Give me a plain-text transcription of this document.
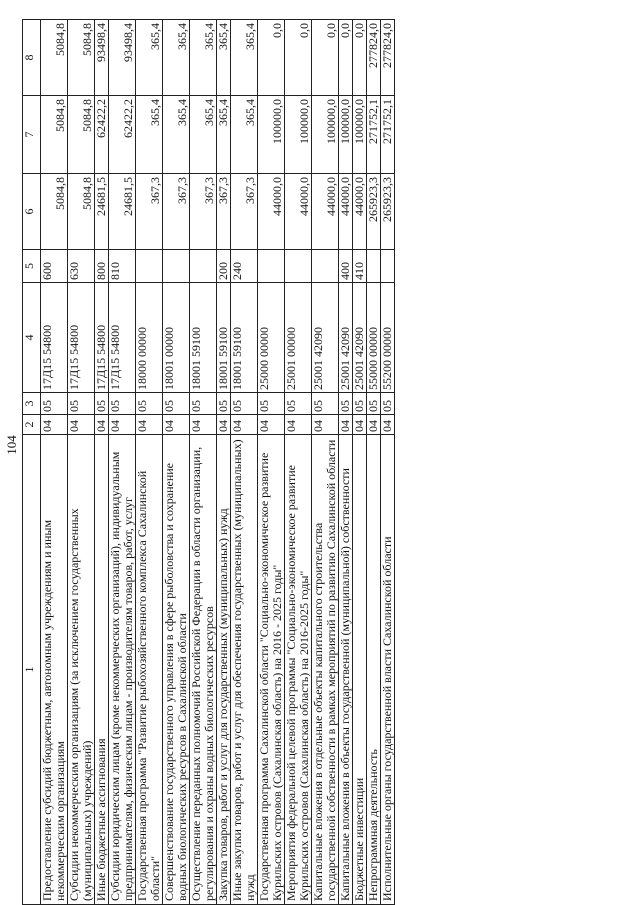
104
1	2	3	4	5	6	7	8
Предоставление субсидий бюджетным, автономным учреждениям и иным некоммерческим организациям	04	05	17Д15 54800	600	5084,8	5084,8	5084,8
Субсидии некоммерческим организациям (за исключением государственных (муниципальных) учреждений)	04	05	17Д15 54800	630	5084,8	5084,8	5084,8
Иные бюджетные ассигнования	04	05	17Д15 54800	800	24681,5	62422,2	93498,4
Субсидии юридическим лицам (кроме некоммерческих организаций), индивидуальным предпринимателям, физическим лицам - производителям товаров, работ, услуг	04	05	17Д15 54800	810	24681,5	62422,2	93498,4
Государственная программа "Развитие рыбохозяйственного комплекса Сахалинской области"	04	05	18000 00000		367,3	365,4	365,4
Совершенствование государственного управления в сфере рыболовства и сохранение водных биологических ресурсов в Сахалинской области	04	05	18001 00000		367,3	365,4	365,4
Осуществление переданных полномочий Российской Федерации в области организации, регулирования и охраны водных биологических ресурсов	04	05	18001 59100		367,3	365,4	365,4
Закупка товаров, работ и услуг для государственных (муниципальных) нужд	04	05	18001 59100	200	367,3	365,4	365,4
Иные закупки товаров, работ и услуг для обеспечения государственных (муниципальных) нужд	04	05	18001 59100	240	367,3	365,4	365,4
Государственная программа Сахалинской области "Социально-экономическое развитие Курильских островов (Сахалинская область) на 2016 - 2025 годы"	04	05	25000 00000		44000,0	100000,0	0,0
Мероприятия федеральной целевой программы "Социально-экономическое развитие Курильских островов (Сахалинская область) на 2016-2025 годы"	04	05	25001 00000		44000,0	100000,0	0,0
Капитальные вложения в отдельные объекты капитального строительства государственной собственности в рамках мероприятий по развитию Сахалинской области	04	05	25001 42090		44000,0	100000,0	0,0
Капитальные вложения в объекты государственной (муниципальной) собственности	04	05	25001 42090	400	44000,0	100000,0	0,0
Бюджетные инвестиции	04	05	25001 42090	410	44000,0	100000,0	0,0
Непрограммная деятельность	04	05	55000 00000		265923,3	271752,1	277824,0
Исполнительные органы государственной власти Сахалинской области	04	05	55200 00000		265923,3	271752,1	277824,0
